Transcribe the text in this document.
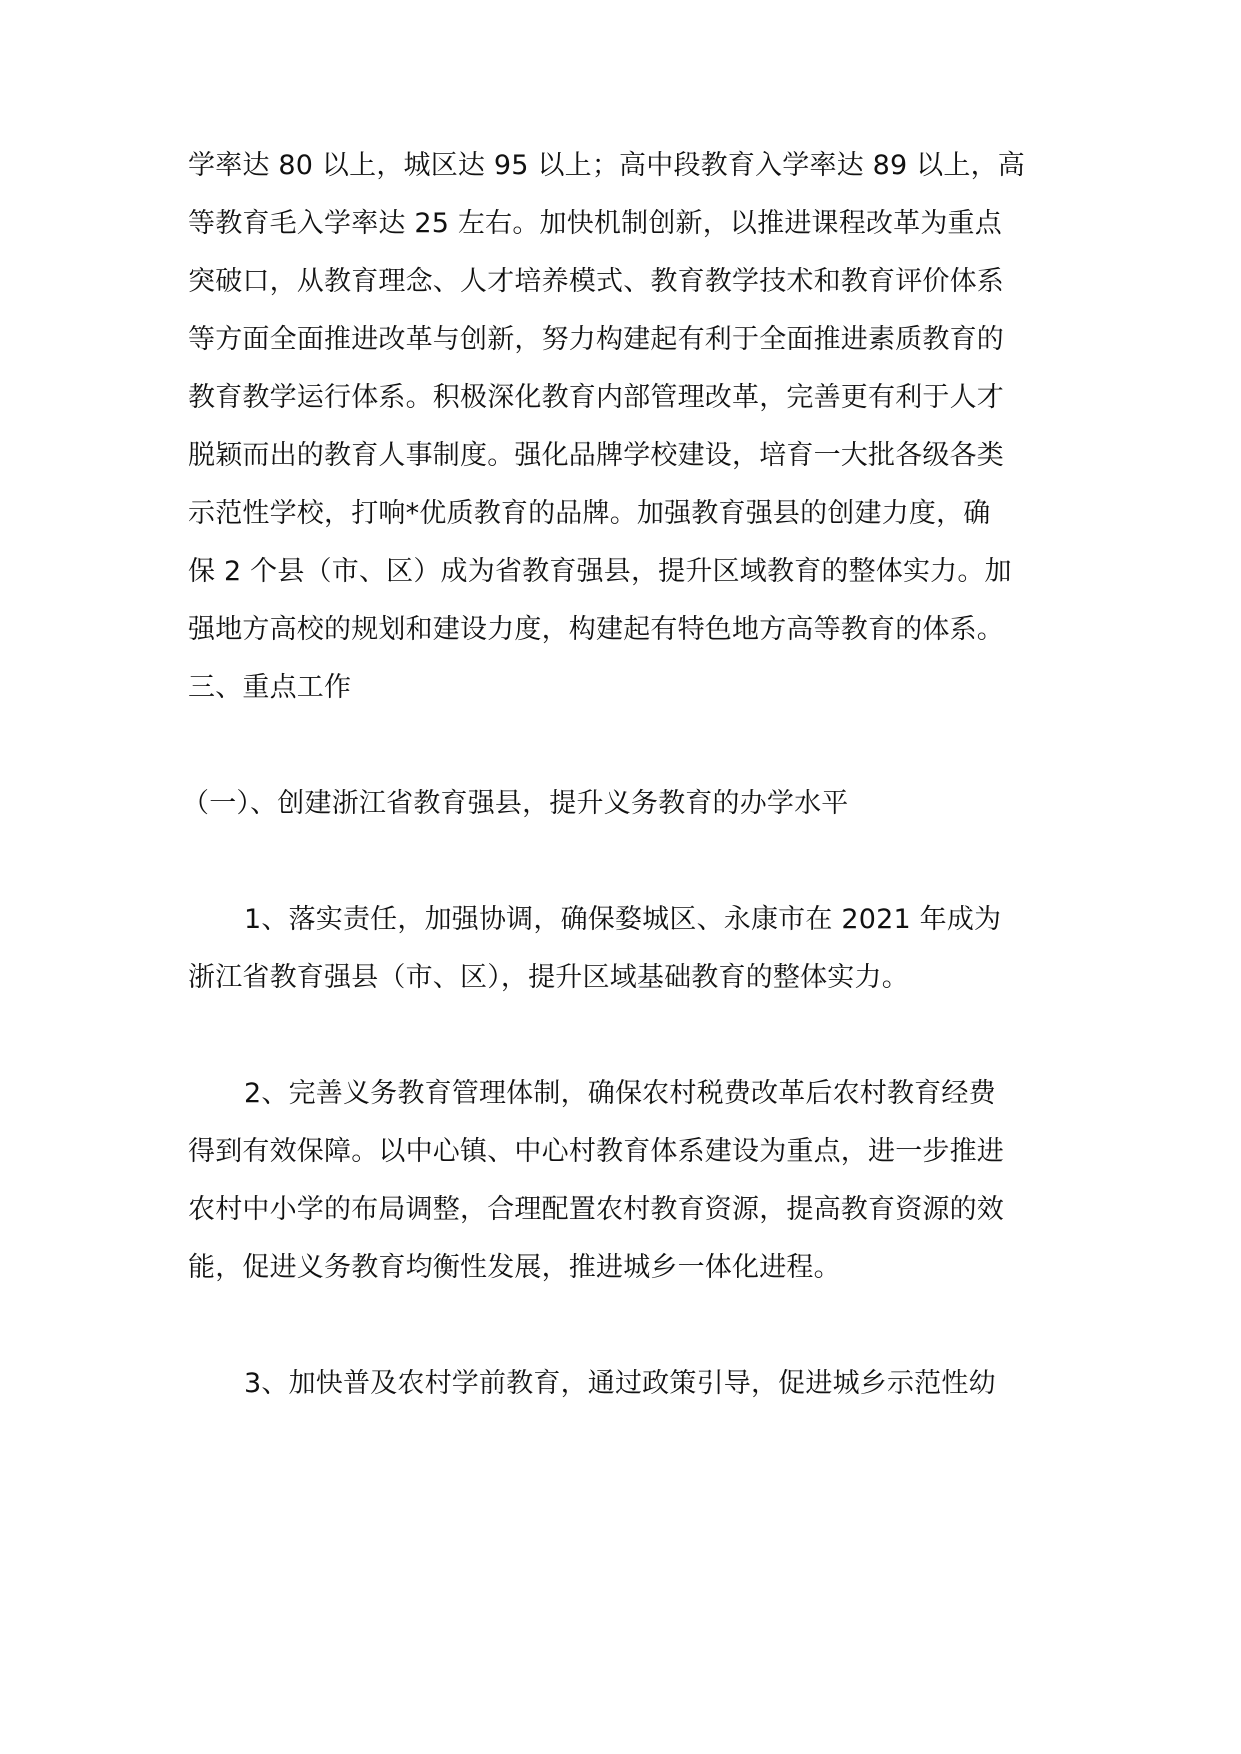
学率达 80 以上，城区达 95 以上；高中段教育入学率达 89 以上，高
等教育毛入学率达 25 左右。加快机制创新，以推进课程改革为重点
突破口，从教育理念、人才培养模式、教育教学技术和教育评价体系
等方面全面推进改革与创新，努力构建起有利于全面推进素质教育的
教育教学运行体系。积极深化教育内部管理改革，完善更有利于人才
脱颖而出的教育人事制度。强化品牌学校建设，培育一大批各级各类
示范性学校，打响*优质教育的品牌。加强教育强县的创建力度，确
保 2 个县（市、区）成为省教育强县，提升区域教育的整体实力。加
强地方高校的规划和建设力度，构建起有特色地方高等教育的体系。
三、重点工作
（一）、创建浙江省教育强县，提升义务教育的办学水平
1、落实责任，加强协调，确保婺城区、永康市在 2021 年成为
浙江省教育强县（市、区），提升区域基础教育的整体实力。
2、完善义务教育管理体制，确保农村税费改革后农村教育经费
得到有效保障。以中心镇、中心村教育体系建设为重点，进一步推进
农村中小学的布局调整，合理配置农村教育资源，提高教育资源的效
能，促进义务教育均衡性发展，推进城乡一体化进程。
3、加快普及农村学前教育，通过政策引导，促进城乡示范性幼
